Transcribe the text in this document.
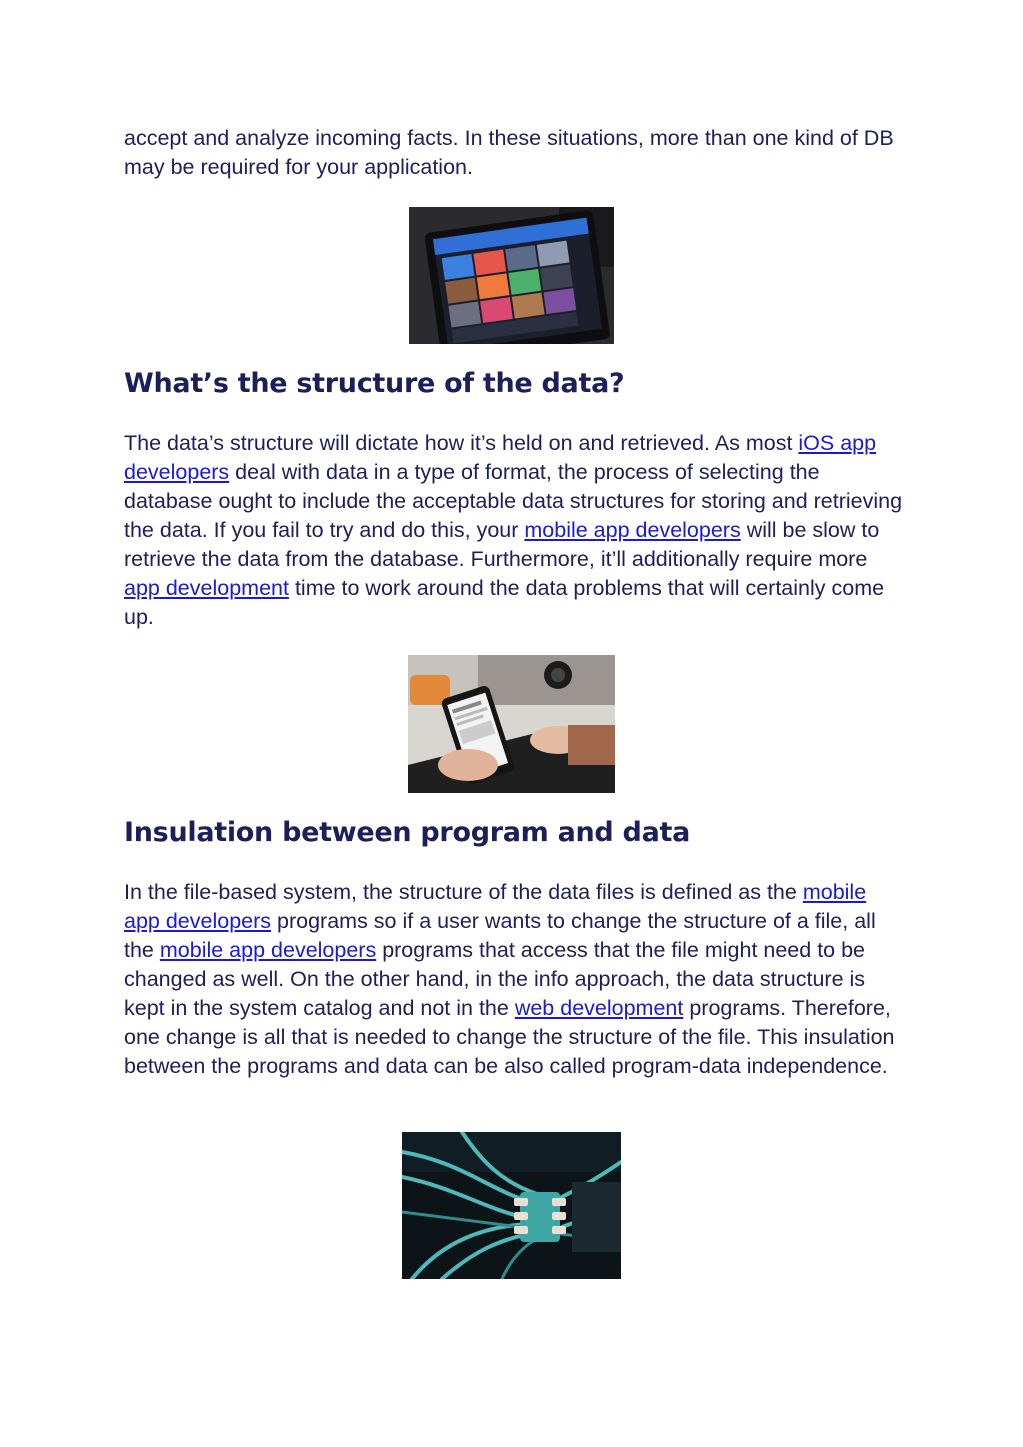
accept and analyze incoming facts. In these situations, more than one kind of DB may be required for your application.

What’s the structure of the data?

The data’s structure will dictate how it’s held on and retrieved. As most iOS app developers deal with data in a type of format, the process of selecting the database ought to include the acceptable data structures for storing and retrieving the data. If you fail to try and do this, your mobile app developers will be slow to retrieve the data from the database. Furthermore, it’ll additionally require more app development time to work around the data problems that will certainly come up.

Insulation between program and data

In the file-based system, the structure of the data files is defined as the mobile app developers programs so if a user wants to change the structure of a file, all the mobile app developers programs that access that the file might need to be changed as well. On the other hand, in the info approach, the data structure is kept in the system catalog and not in the web development programs. Therefore, one change is all that is needed to change the structure of the file. This insulation between the programs and data can be also called program-data independence.
